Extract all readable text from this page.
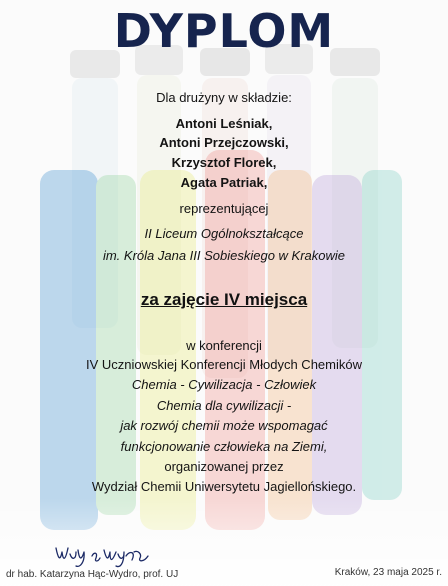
DYPLOM
Dla drużyny w składzie:
Antoni Leśniak,
Antoni Przejczowski,
Krzysztof Florek,
Agata Patriak,
reprezentującej
II Liceum Ogólnokształcące
im. Króla Jana III Sobieskiego w Krakowie
za zajęcie IV miejsca
w konferencji
IV Uczniowskiej Konferencji Młodych Chemików
Chemia - Cywilizacja - Człowiek
Chemia dla cywilizacji -
jak rozwój chemii może wspomagać
funkcjonowanie człowieka na Ziemi,
organizowanej przez
Wydział Chemii Uniwersytetu Jagiellońskiego.
dr hab. Katarzyna Hąc-Wydro, prof. UJ	Kraków, 23 maja 2025 r.
